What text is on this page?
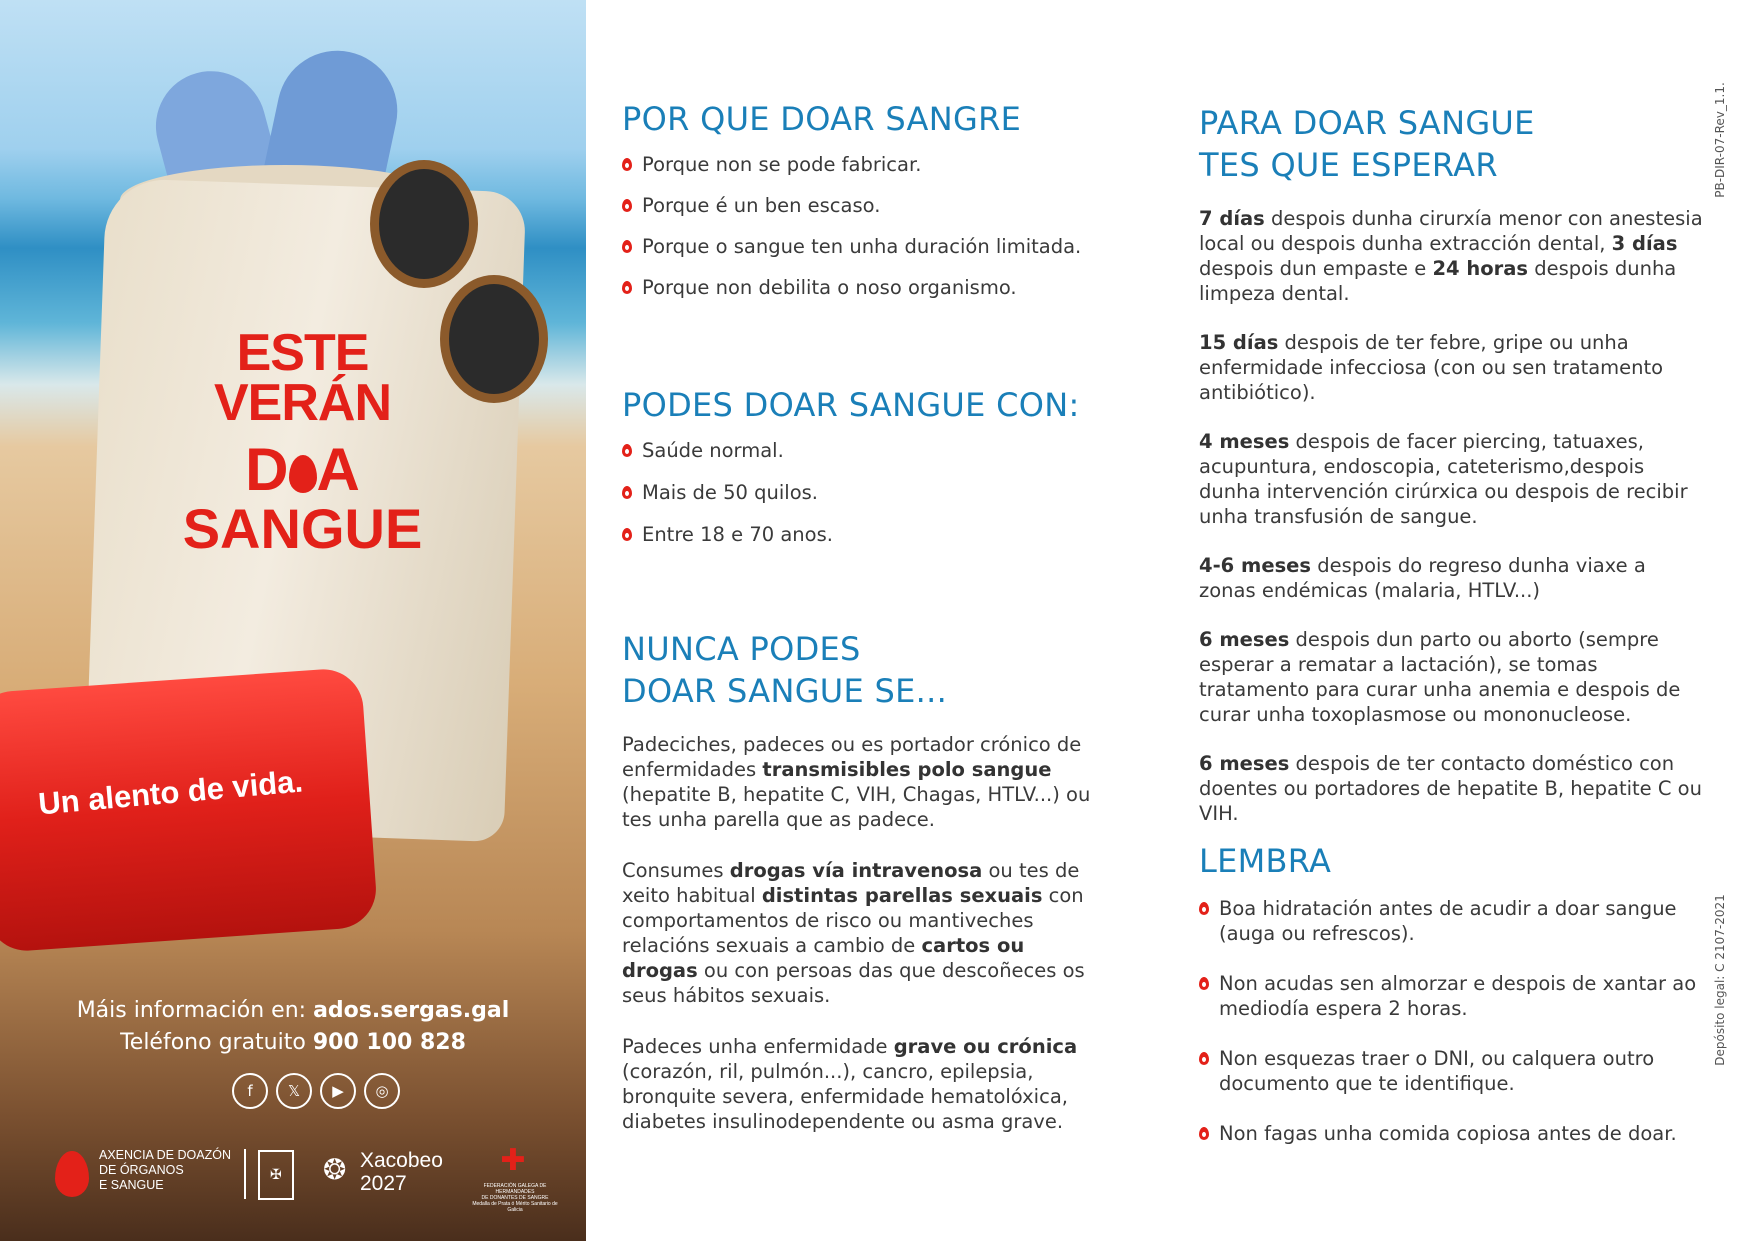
ESTE
VERÁN
D A
SANGUE
Un alento de vida.
Máis información en: ados.sergas.gal
Teléfono gratuito 900 100 828
f	𝕏	▶	◎
AXENCIA DE DOAZÓN
DE ÓRGANOS
E SANGUE
✠	❂ Xacobeo
2027
✚
FEDERACIÓN GALEGA DE HERMANDADES
DE DONANTES DE SANGRE
Medalla de Prata ó Mérito Sanitario de Galicia
POR QUE DOAR SANGRE
Porque non se pode fabricar.
Porque é un ben escaso.
Porque o sangue ten unha duración limitada.
Porque non debilita o noso organismo.
PODES DOAR SANGUE CON:
Saúde normal.
Mais de 50 quilos.
Entre 18 e 70 anos.
NUNCA PODES
DOAR SANGUE SE...

Padeciches, padeces ou es portador crónico de enfermidades transmisibles polo sangue (hepatite B, hepatite C, VIH, Chagas, HTLV...) ou tes unha parella que as padece.

Consumes drogas vía intravenosa ou tes de xeito habitual distintas parellas sexuais con comportamentos de risco ou mantiveches relacións sexuais a cambio de cartos ou drogas ou con persoas das que descoñeces os seus hábitos sexuais.

Padeces unha enfermidade grave ou crónica (corazón, ril, pulmón...), cancro, epilepsia, bronquite severa, enfermidade hematolóxica, diabetes insulinodependente ou asma grave.

PARA DOAR SANGUE
TES QUE ESPERAR

7 días despois dunha cirurxía menor con anestesia local ou despois dunha extracción dental, 3 días despois dun empaste e 24 horas despois dunha limpeza dental.

15 días despois de ter febre, gripe ou unha enfermidade infecciosa (con ou sen tratamento antibiótico).

4 meses despois de facer piercing, tatuaxes, acupuntura, endoscopia, cateterismo,despois dunha intervención cirúrxica ou despois de recibir unha transfusión de sangue.

4-6 meses despois do regreso dunha viaxe a zonas endémicas (malaria, HTLV...)

6 meses despois dun parto ou aborto (sempre esperar a rematar a lactación), se tomas tratamento para curar unha anemia e despois de curar unha toxoplasmose ou mononucleose.

6 meses despois de ter contacto doméstico con doentes ou portadores de hepatite B, hepatite C ou VIH.

LEMBRA
Boa hidratación antes de acudir a doar sangue (auga ou refrescos).
Non acudas sen almorzar e despois de xantar ao mediodía espera 2 horas.
Non esquezas traer o DNI, ou calquera outro documento que te identifique.
Non fagas unha comida copiosa antes de doar.
PB-DIR-07-Rev_1.1.
Depósito legal: C 2107-2021
